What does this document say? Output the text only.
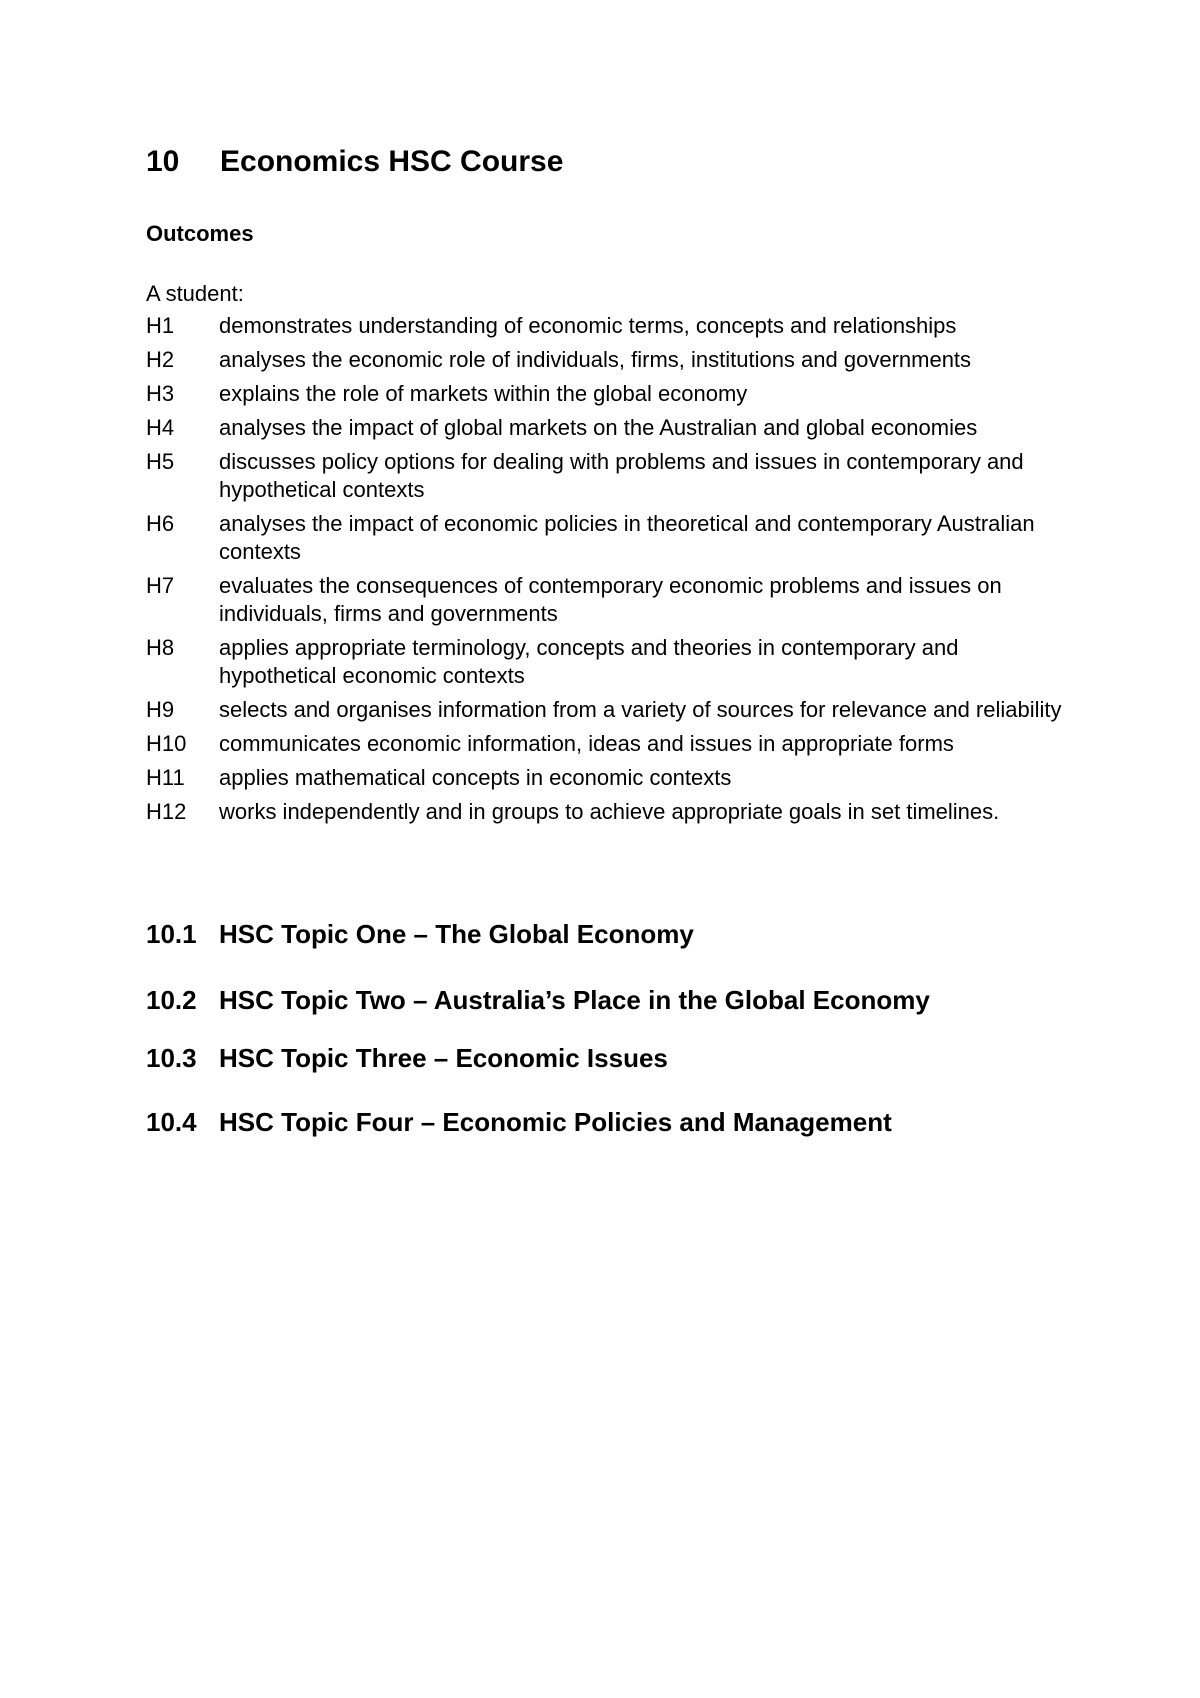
10 Economics HSC Course
Outcomes

A student:

H1	demonstrates understanding of economic terms, concepts and relationships
H2	analyses the economic role of individuals, firms, institutions and governments
H3	explains the role of markets within the global economy
H4	analyses the impact of global markets on the Australian and global economies
H5	discusses policy options for dealing with problems and issues in contemporary and hypothetical contexts
H6	analyses the impact of economic policies in theoretical and contemporary Australian contexts
H7	evaluates the consequences of contemporary economic problems and issues on individuals, firms and governments
H8	applies appropriate terminology, concepts and theories in contemporary and hypothetical economic contexts
H9	selects and organises information from a variety of sources for relevance and reliability
H10	communicates economic information, ideas and issues in appropriate forms
H11	applies mathematical concepts in economic contexts
H12	works independently and in groups to achieve appropriate goals in set timelines.
10.1 HSC Topic One – The Global Economy
10.2 HSC Topic Two – Australia’s Place in the Global Economy
10.3 HSC Topic Three – Economic Issues
10.4 HSC Topic Four – Economic Policies and Management
